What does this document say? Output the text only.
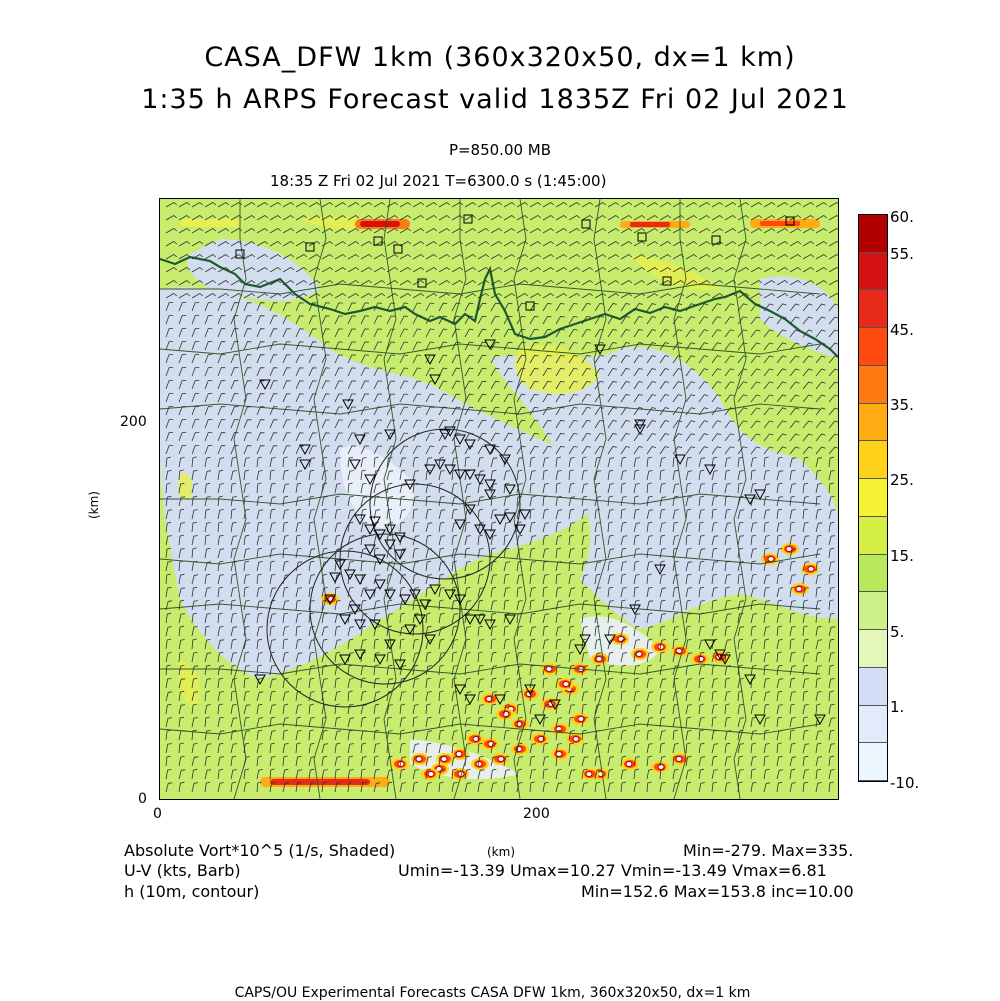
CASA_DFW 1km (360x320x50, dx=1 km)
1:35 h ARPS Forecast valid 1835Z Fri 02 Jul 2021
P=850.00 MB
18:35 Z Fri 02 Jul 2021 T=6300.0 s (1:45:00)
200
0
0	200
(km)
(km)
60.
55.
45.
35.
25.
15.
5.
1.
-10.
Absolute Vort*10^5 (1/s, Shaded)
U-V (kts, Barb)
h (10m, contour)
Min=-279. Max=335.
Umin=-13.39 Umax=10.27 Vmin=-13.49 Vmax=6.81
Min=152.6 Max=153.8 inc=10.00
CAPS/OU Experimental Forecasts CASA DFW 1km, 360x320x50, dx=1 km
